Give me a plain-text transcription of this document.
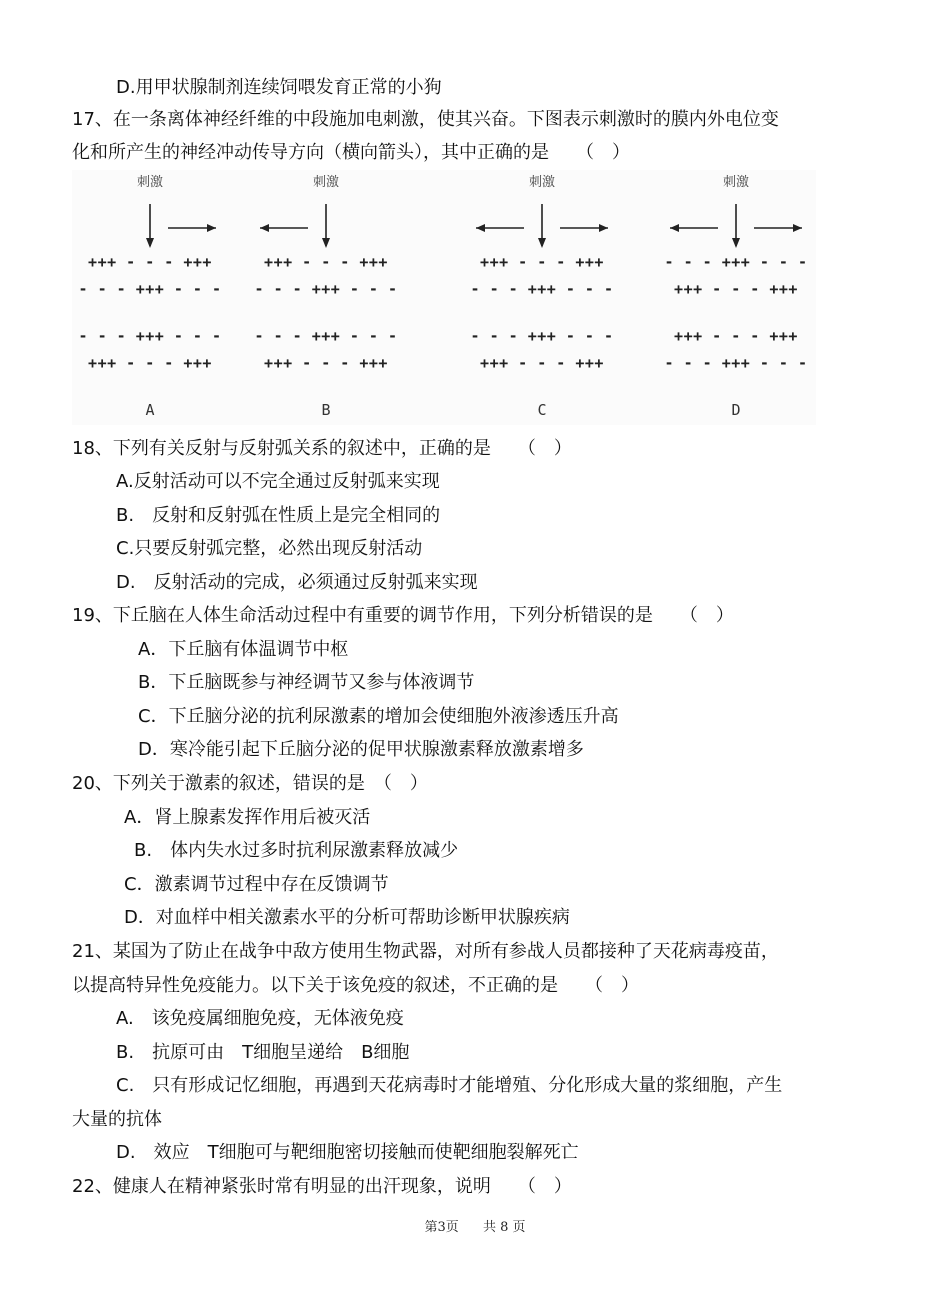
D.用甲状腺制剂连续饲喂发育正常的小狗
17、在一条离体神经纤维的中段施加电刺激，使其兴奋。下图表示刺激时的膜内外电位变
化和所产生的神经冲动传导方向（横向箭头），其中正确的是　　（　）
刺激
+++ - - - +++
- - - +++ - - -
- - - +++ - - -
+++ - - - +++
A
刺激
+++ - - - +++
- - - +++ - - -
- - - +++ - - -
+++ - - - +++
B
刺激
+++ - - - +++
- - - +++ - - -
- - - +++ - - -
+++ - - - +++
C
刺激
- - - +++ - - -
+++ - - - +++
+++ - - - +++
- - - +++ - - -
D
18、下列有关反射与反射弧关系的叙述中，正确的是　　（　）
A.反射活动可以不完全通过反射弧来实现
B.　反射和反射弧在性质上是完全相同的
C.只要反射弧完整，必然出现反射活动
D.　反射活动的完成，必须通过反射弧来实现
19、下丘脑在人体生命活动过程中有重要的调节作用，下列分析错误的是　　（　）
A．下丘脑有体温调节中枢
B．下丘脑既参与神经调节又参与体液调节
C．下丘脑分泌的抗利尿激素的增加会使细胞外液渗透压升高
D．寒冷能引起下丘脑分泌的促甲状腺激素释放激素增多
20、下列关于激素的叙述，错误的是　（　）
A．肾上腺素发挥作用后被灭活
B.　体内失水过多时抗利尿激素释放减少
C．激素调节过程中存在反馈调节
D．对血样中相关激素水平的分析可帮助诊断甲状腺疾病
21、某国为了防止在战争中敌方使用生物武器，对所有参战人员都接种了天花病毒疫苗，
以提高特异性免疫能力。以下关于该免疫的叙述，不正确的是　　（　）
A.　该免疫属细胞免疫，无体液免疫
B.　抗原可由　T细胞呈递给　B细胞
C.　只有形成记忆细胞，再遇到天花病毒时才能增殖、分化形成大量的浆细胞，产生
大量的抗体
D.　效应　T细胞可与靶细胞密切接触而使靶细胞裂解死亡
22、健康人在精神紧张时常有明显的出汗现象，说明　　（　）
第3页 共 8 页
